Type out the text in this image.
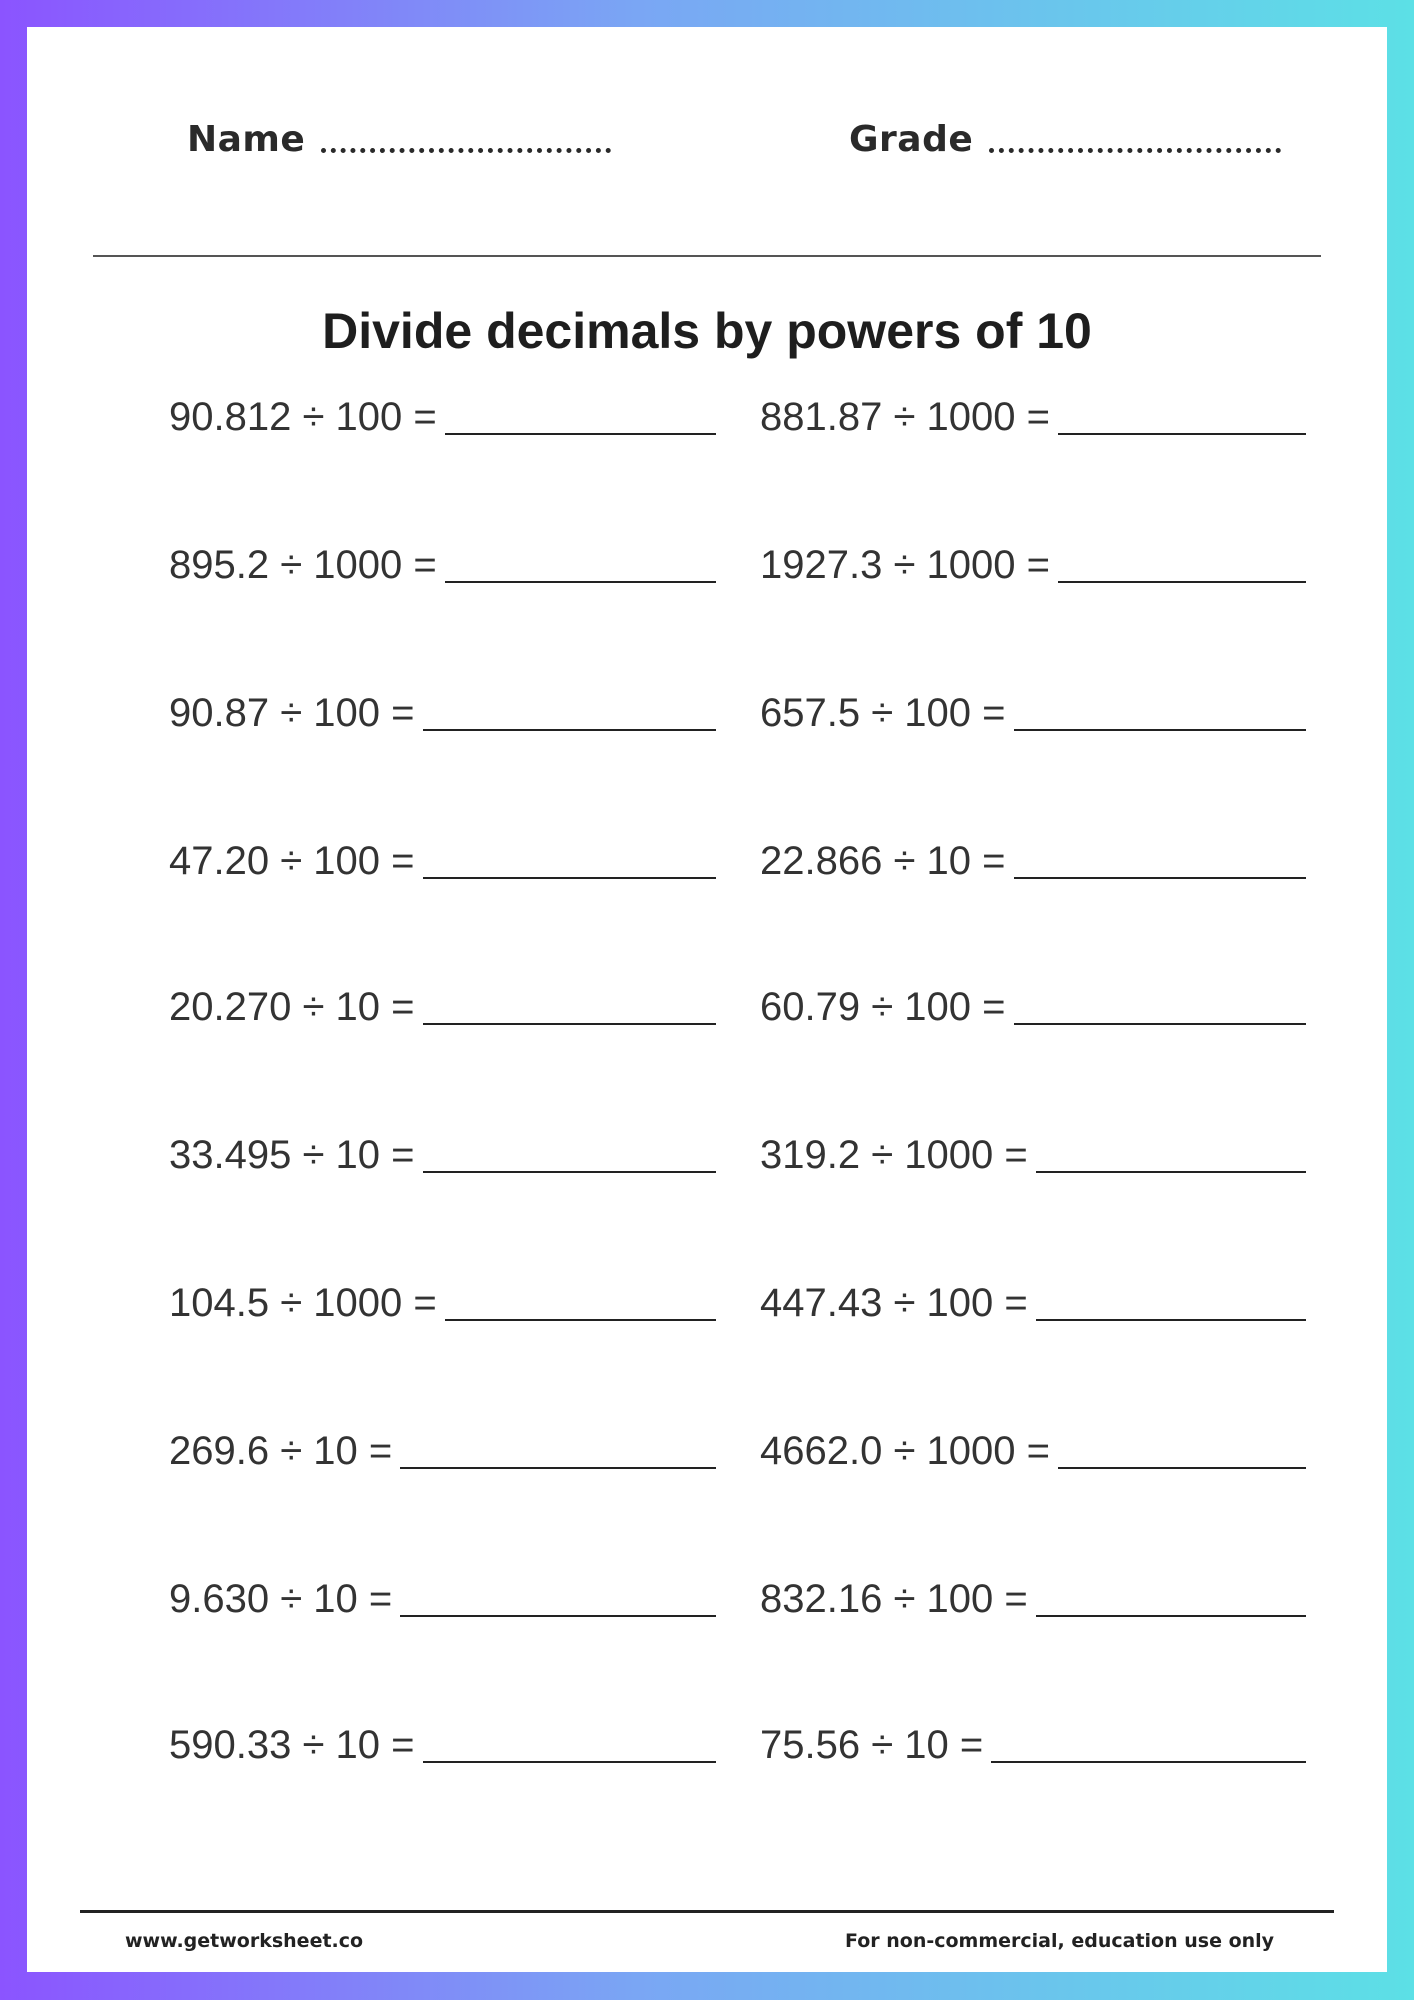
Name	Grade
Divide decimals by powers of 10
90.812 ÷ 100 =
895.2 ÷ 1000 =
90.87 ÷ 100 =
47.20 ÷ 100 =
20.270 ÷ 10 =
33.495 ÷ 10 =
104.5 ÷ 1000 =
269.6 ÷ 10 =
9.630 ÷ 10 =
590.33 ÷ 10 =
881.87 ÷ 1000 =
1927.3 ÷ 1000 =
657.5 ÷ 100 =
22.866 ÷ 10 =
60.79 ÷ 100 =
319.2 ÷ 1000 =
447.43 ÷ 100 =
4662.0 ÷ 1000 =
832.16 ÷ 100 =
75.56 ÷ 10 =
www.getworksheet.co	For non-commercial, education use only
